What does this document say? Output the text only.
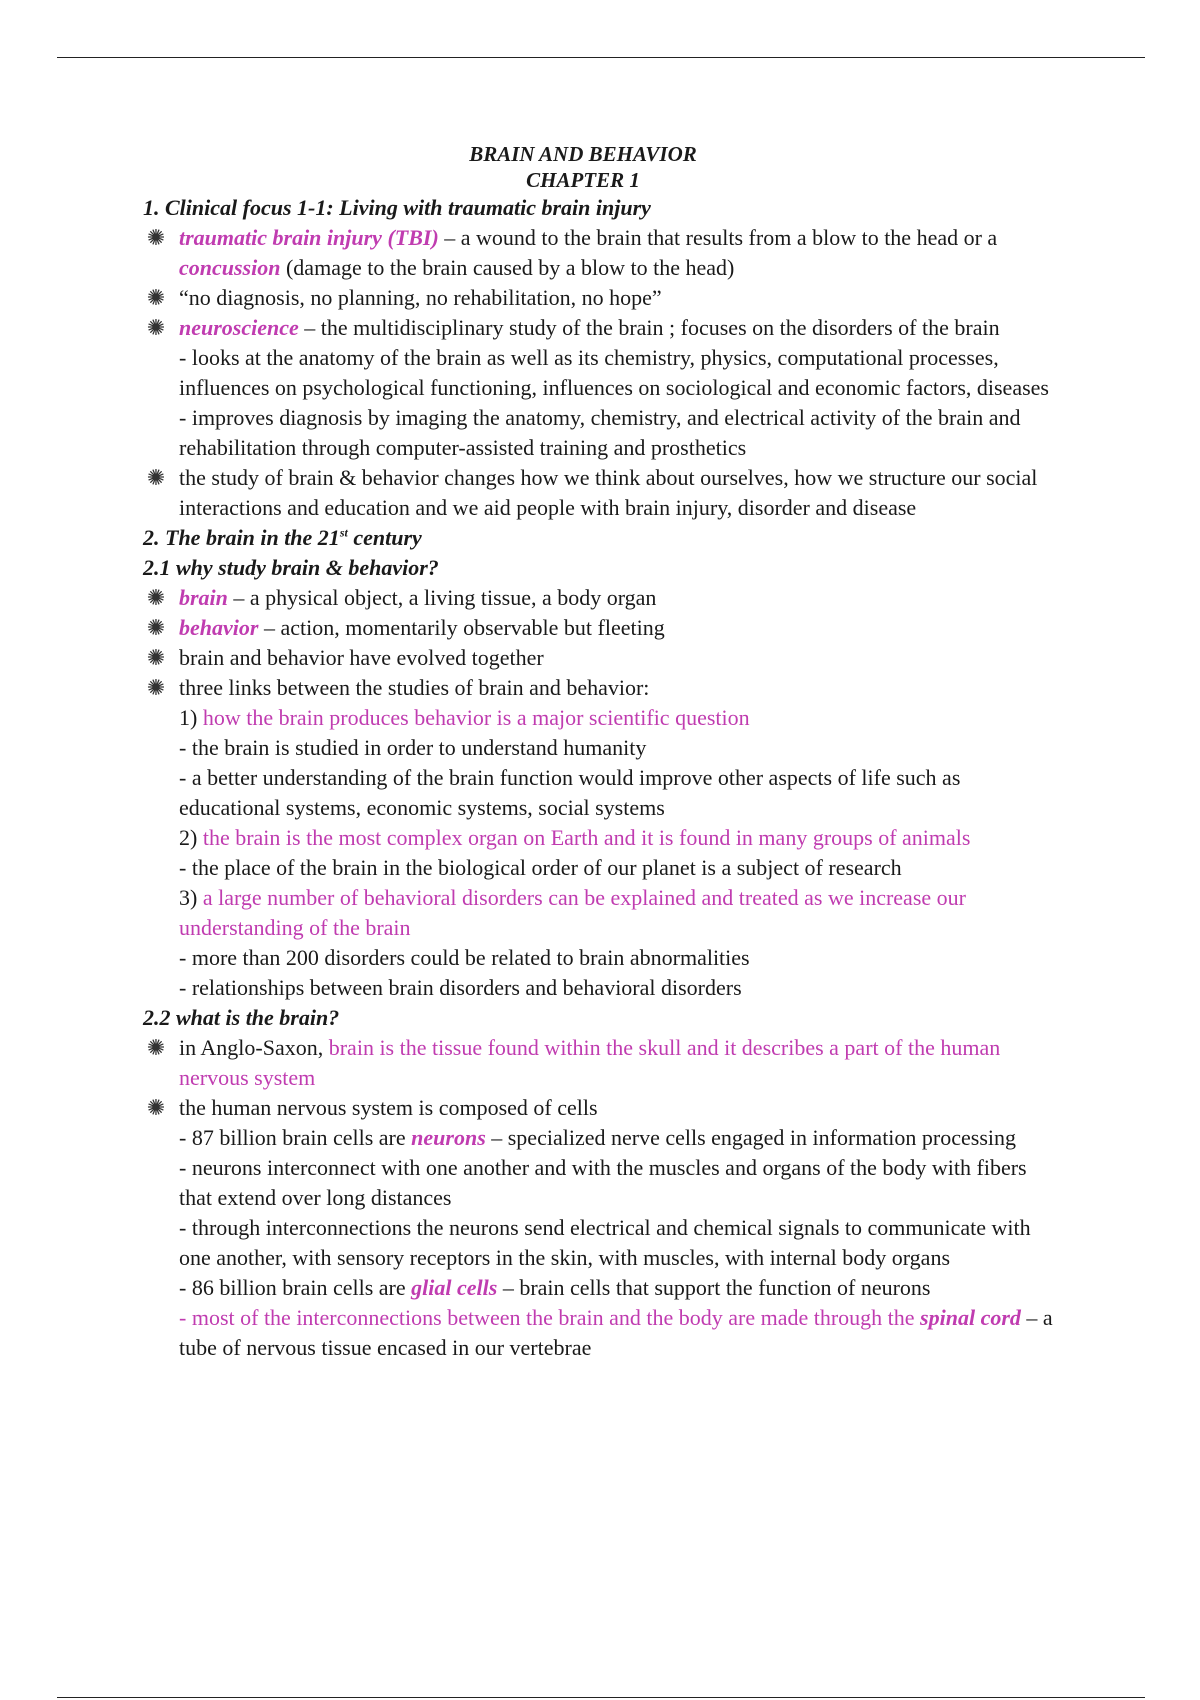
BRAIN AND BEHAVIOR
CHAPTER 1
1. Clinical focus 1-1: Living with traumatic brain injury
✺ traumatic brain injury (TBI) – a wound to the brain that results from a blow to the head or a concussion (damage to the brain caused by a blow to the head)
✺ “no diagnosis, no planning, no rehabilitation, no hope”
✺ neuroscience – the multidisciplinary study of the brain ; focuses on the disorders of the brain
- looks at the anatomy of the brain as well as its chemistry, physics, computational processes, influences on psychological functioning, influences on sociological and economic factors, diseases
- improves diagnosis by imaging the anatomy, chemistry, and electrical activity of the brain and rehabilitation through computer-assisted training and prosthetics
✺ the study of brain & behavior changes how we think about ourselves, how we structure our social interactions and education and we aid people with brain injury, disorder and disease
2. The brain in the 21st century
2.1 why study brain & behavior?
✺ brain – a physical object, a living tissue, a body organ
✺ behavior – action, momentarily observable but fleeting
✺ brain and behavior have evolved together
✺ three links between the studies of brain and behavior:
1) how the brain produces behavior is a major scientific question
- the brain is studied in order to understand humanity
- a better understanding of the brain function would improve other aspects of life such as educational systems, economic systems, social systems
2) the brain is the most complex organ on Earth and it is found in many groups of animals
- the place of the brain in the biological order of our planet is a subject of research
3) a large number of behavioral disorders can be explained and treated as we increase our understanding of the brain
- more than 200 disorders could be related to brain abnormalities
- relationships between brain disorders and behavioral disorders
2.2 what is the brain?
✺ in Anglo-Saxon, brain is the tissue found within the skull and it describes a part of the human nervous system
✺ the human nervous system is composed of cells
- 87 billion brain cells are neurons – specialized nerve cells engaged in information processing
- neurons interconnect with one another and with the muscles and organs of the body with fibers that extend over long distances
- through interconnections the neurons send electrical and chemical signals to communicate with one another, with sensory receptors in the skin, with muscles, with internal body organs
- 86 billion brain cells are glial cells – brain cells that support the function of neurons
- most of the interconnections between the brain and the body are made through the spinal cord – a tube of nervous tissue encased in our vertebrae
